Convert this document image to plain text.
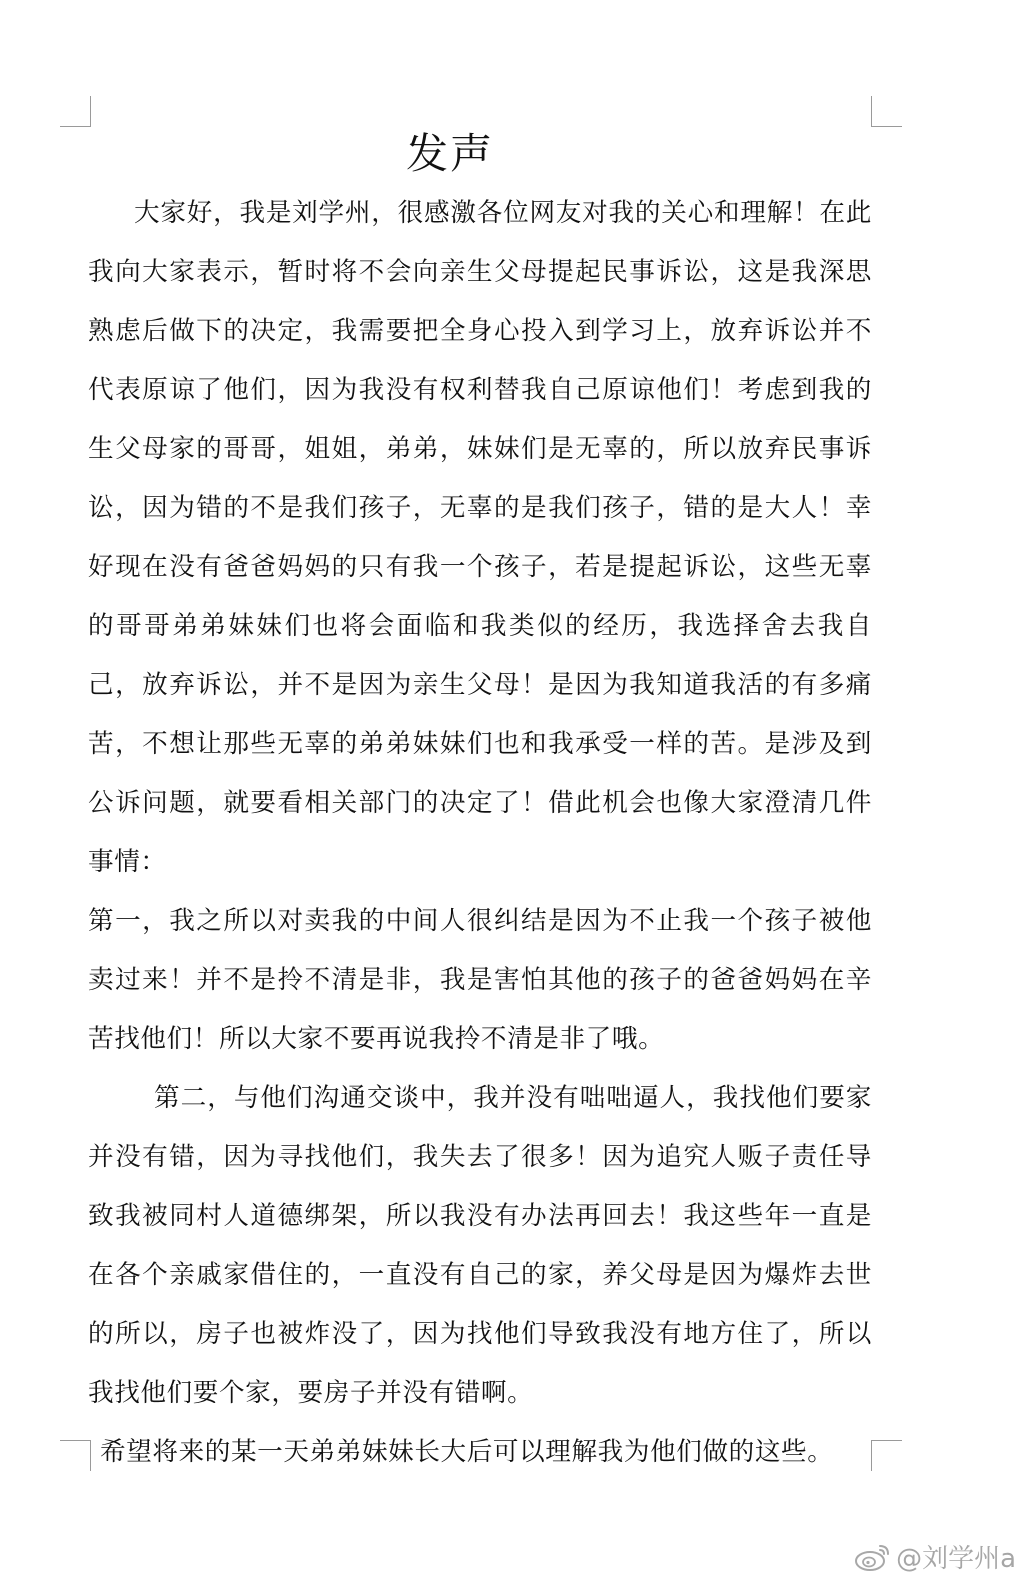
发声

大家好，我是刘学州，很感激各位网友对我的关心和理解！在此我向大家表示，暂时将不会向亲生父母提起民事诉讼，这是我深思熟虑后做下的决定，我需要把全身心投入到学习上，放弃诉讼并不代表原谅了他们，因为我没有权利替我自己原谅他们！考虑到我的生父母家的哥哥，姐姐，弟弟，妹妹们是无辜的，所以放弃民事诉讼，因为错的不是我们孩子，无辜的是我们孩子，错的是大人！幸好现在没有爸爸妈妈的只有我一个孩子，若是提起诉讼，这些无辜的哥哥弟弟妹妹们也将会面临和我类似的经历，我选择舍去我自己，放弃诉讼，并不是因为亲生父母！是因为我知道我活的有多痛苦，不想让那些无辜的弟弟妹妹们也和我承受一样的苦。是涉及到公诉问题，就要看相关部门的决定了！借此机会也像大家澄清几件事情：

第一，我之所以对卖我的中间人很纠结是因为不止我一个孩子被他卖过来！并不是拎不清是非，我是害怕其他的孩子的爸爸妈妈在辛苦找他们！所以大家不要再说我拎不清是非了哦。

第二，与他们沟通交谈中，我并没有咄咄逼人，我找他们要家并没有错，因为寻找他们，我失去了很多！因为追究人贩子责任导致我被同村人道德绑架，所以我没有办法再回去！我这些年一直是在各个亲戚家借住的，一直没有自己的家，养父母是因为爆炸去世的所以，房子也被炸没了，因为找他们导致我没有地方住了，所以我找他们要个家，要房子并没有错啊。

希望将来的某一天弟弟妹妹长大后可以理解我为他们做的这些。

@刘学州a
